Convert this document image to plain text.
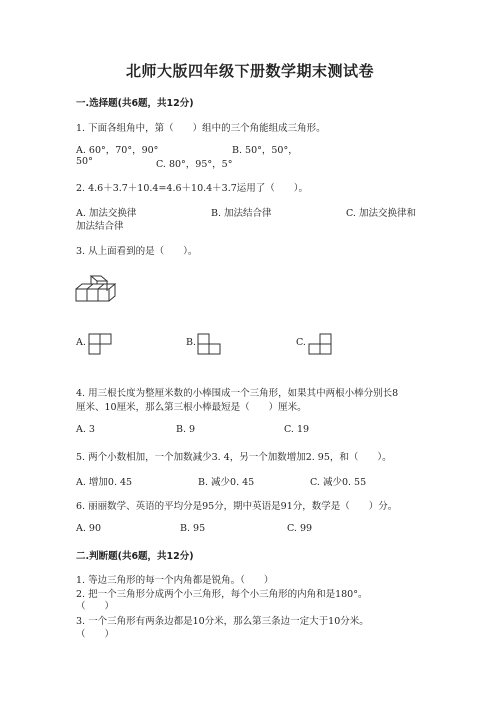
北师大版四年级下册数学期末测试卷
一.选择题(共6题，共12分)
1. 下面各组角中，第（　　）组中的三个角能组成三角形。
A. 60°，70°，90°	B. 50°，50°，
50°	C. 80°，95°，5°
2. 4.6＋3.7＋10.4=4.6＋10.4＋3.7运用了（　　）。
A. 加法交换律	B. 加法结合律	C. 加法交换律和
加法结合律
3. 从上面看到的是（　　）。
A.	B.	C.
4. 用三根长度为整厘米数的小棒围成一个三角形，如果其中两根小棒分别长8
厘米、10厘米，那么第三根小棒最短是（　　）厘米。
A. 3	B. 9	C. 19
5. 两个小数相加，一个加数减少3. 4，另一个加数增加2. 95，和（　　）。
A. 增加0. 45	B. 减少0. 45	C. 减少0. 55
6. 丽丽数学、英语的平均分是95分，期中英语是91分，数学是（　　）分。
A. 90	B. 95	C. 99
二.判断题(共6题，共12分)
1. 等边三角形的每一个内角都是锐角。（　　）
2. 把一个三角形分成两个小三角形，每个小三角形的内角和是180°。
（　　）
3. 一个三角形有两条边都是10分米，那么第三条边一定大于10分米。
（　　）
